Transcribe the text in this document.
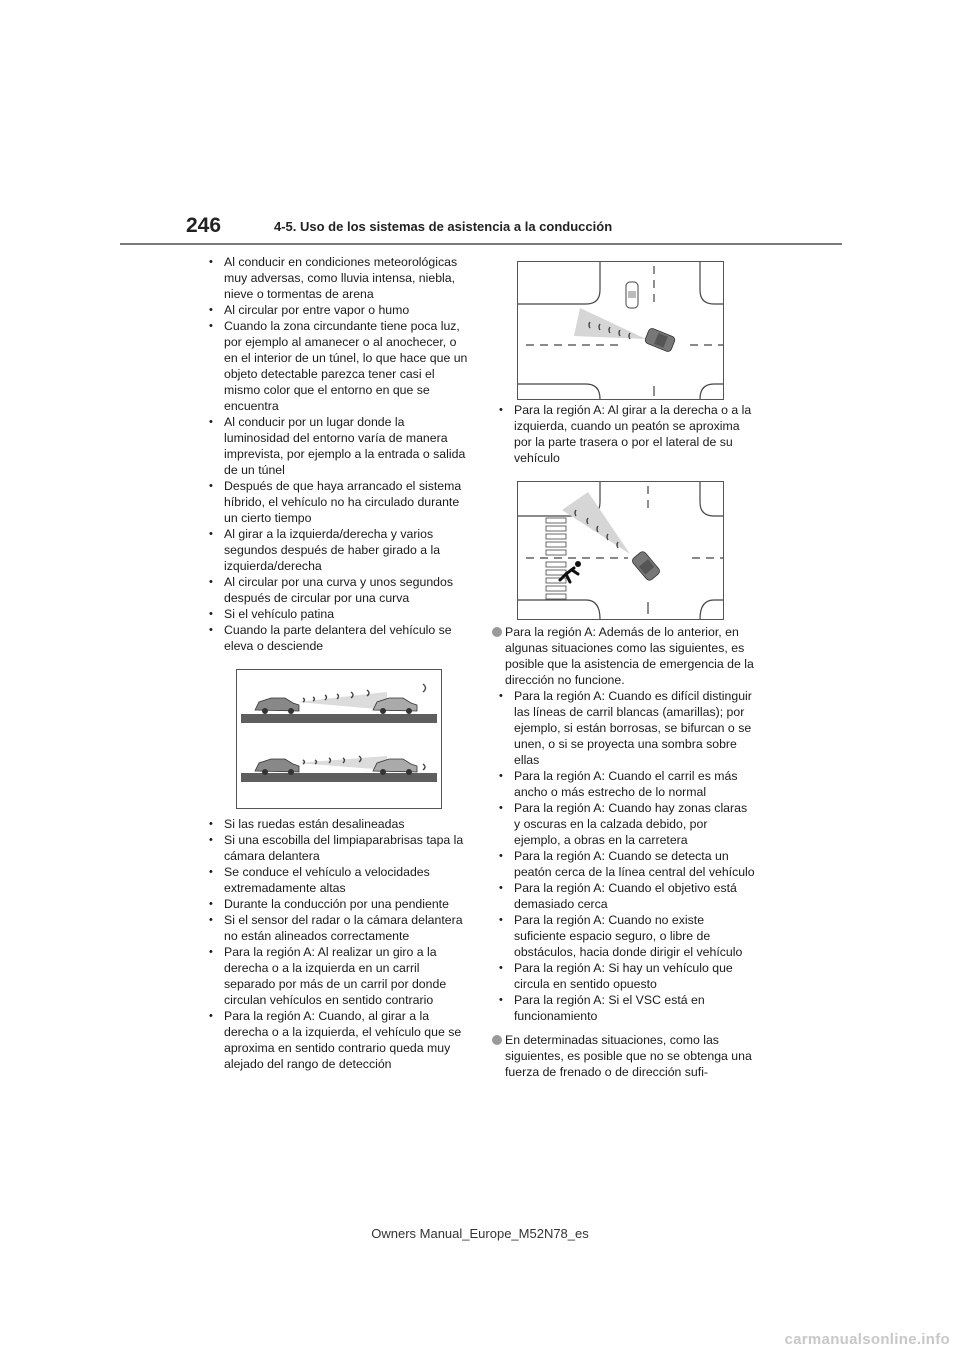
246	4-5. Uso de los sistemas de asistencia a la conducción
• Al conducir en condiciones meteorológicas muy adversas, como lluvia intensa, niebla, nieve o tormentas de arena
• Al circular por entre vapor o humo
• Cuando la zona circundante tiene poca luz, por ejemplo al amanecer o al anochecer, o en el interior de un túnel, lo que hace que un objeto detectable parezca tener casi el mismo color que el entorno en que se encuentra
• Al conducir por un lugar donde la luminosidad del entorno varía de manera imprevista, por ejemplo a la entrada o salida de un túnel
• Después de que haya arrancado el sistema híbrido, el vehículo no ha circulado durante un cierto tiempo
• Al girar a la izquierda/derecha y varios segundos después de haber girado a la izquierda/derecha
• Al circular por una curva y unos segundos después de circular por una curva
• Si el vehículo patina
• Cuando la parte delantera del vehículo se eleva o desciende
• Si las ruedas están desalineadas
• Si una escobilla del limpiaparabrisas tapa la cámara delantera
• Se conduce el vehículo a velocidades extremadamente altas
• Durante la conducción por una pendiente
• Si el sensor del radar o la cámara delantera no están alineados correctamente
• Para la región A: Al realizar un giro a la derecha o a la izquierda en un carril separado por más de un carril por donde circulan vehículos en sentido contrario
• Para la región A: Cuando, al girar a la derecha o a la izquierda, el vehículo que se aproxima en sentido contrario queda muy alejado del rango de detección
• Para la región A: Al girar a la derecha o a la izquierda, cuando un peatón se aproxima por la parte trasera o por el lateral de su vehículo
Para la región A: Además de lo anterior, en algunas situaciones como las siguientes, es posible que la asistencia de emergencia de la dirección no funcione.
• Para la región A: Cuando es difícil distinguir las líneas de carril blancas (amarillas); por ejemplo, si están borrosas, se bifurcan o se unen, o si se proyecta una sombra sobre ellas
• Para la región A: Cuando el carril es más ancho o más estrecho de lo normal
• Para la región A: Cuando hay zonas claras y oscuras en la calzada debido, por ejemplo, a obras en la carretera
• Para la región A: Cuando se detecta un peatón cerca de la línea central del vehículo
• Para la región A: Cuando el objetivo está demasiado cerca
• Para la región A: Cuando no existe suficiente espacio seguro, o libre de obstáculos, hacia donde dirigir el vehículo
• Para la región A: Si hay un vehículo que circula en sentido opuesto
• Para la región A: Si el VSC está en funcionamiento
En determinadas situaciones, como las siguientes, es posible que no se obtenga una fuerza de frenado o de dirección sufi-
Owners Manual_Europe_M52N78_es
carmanualsonline.info
